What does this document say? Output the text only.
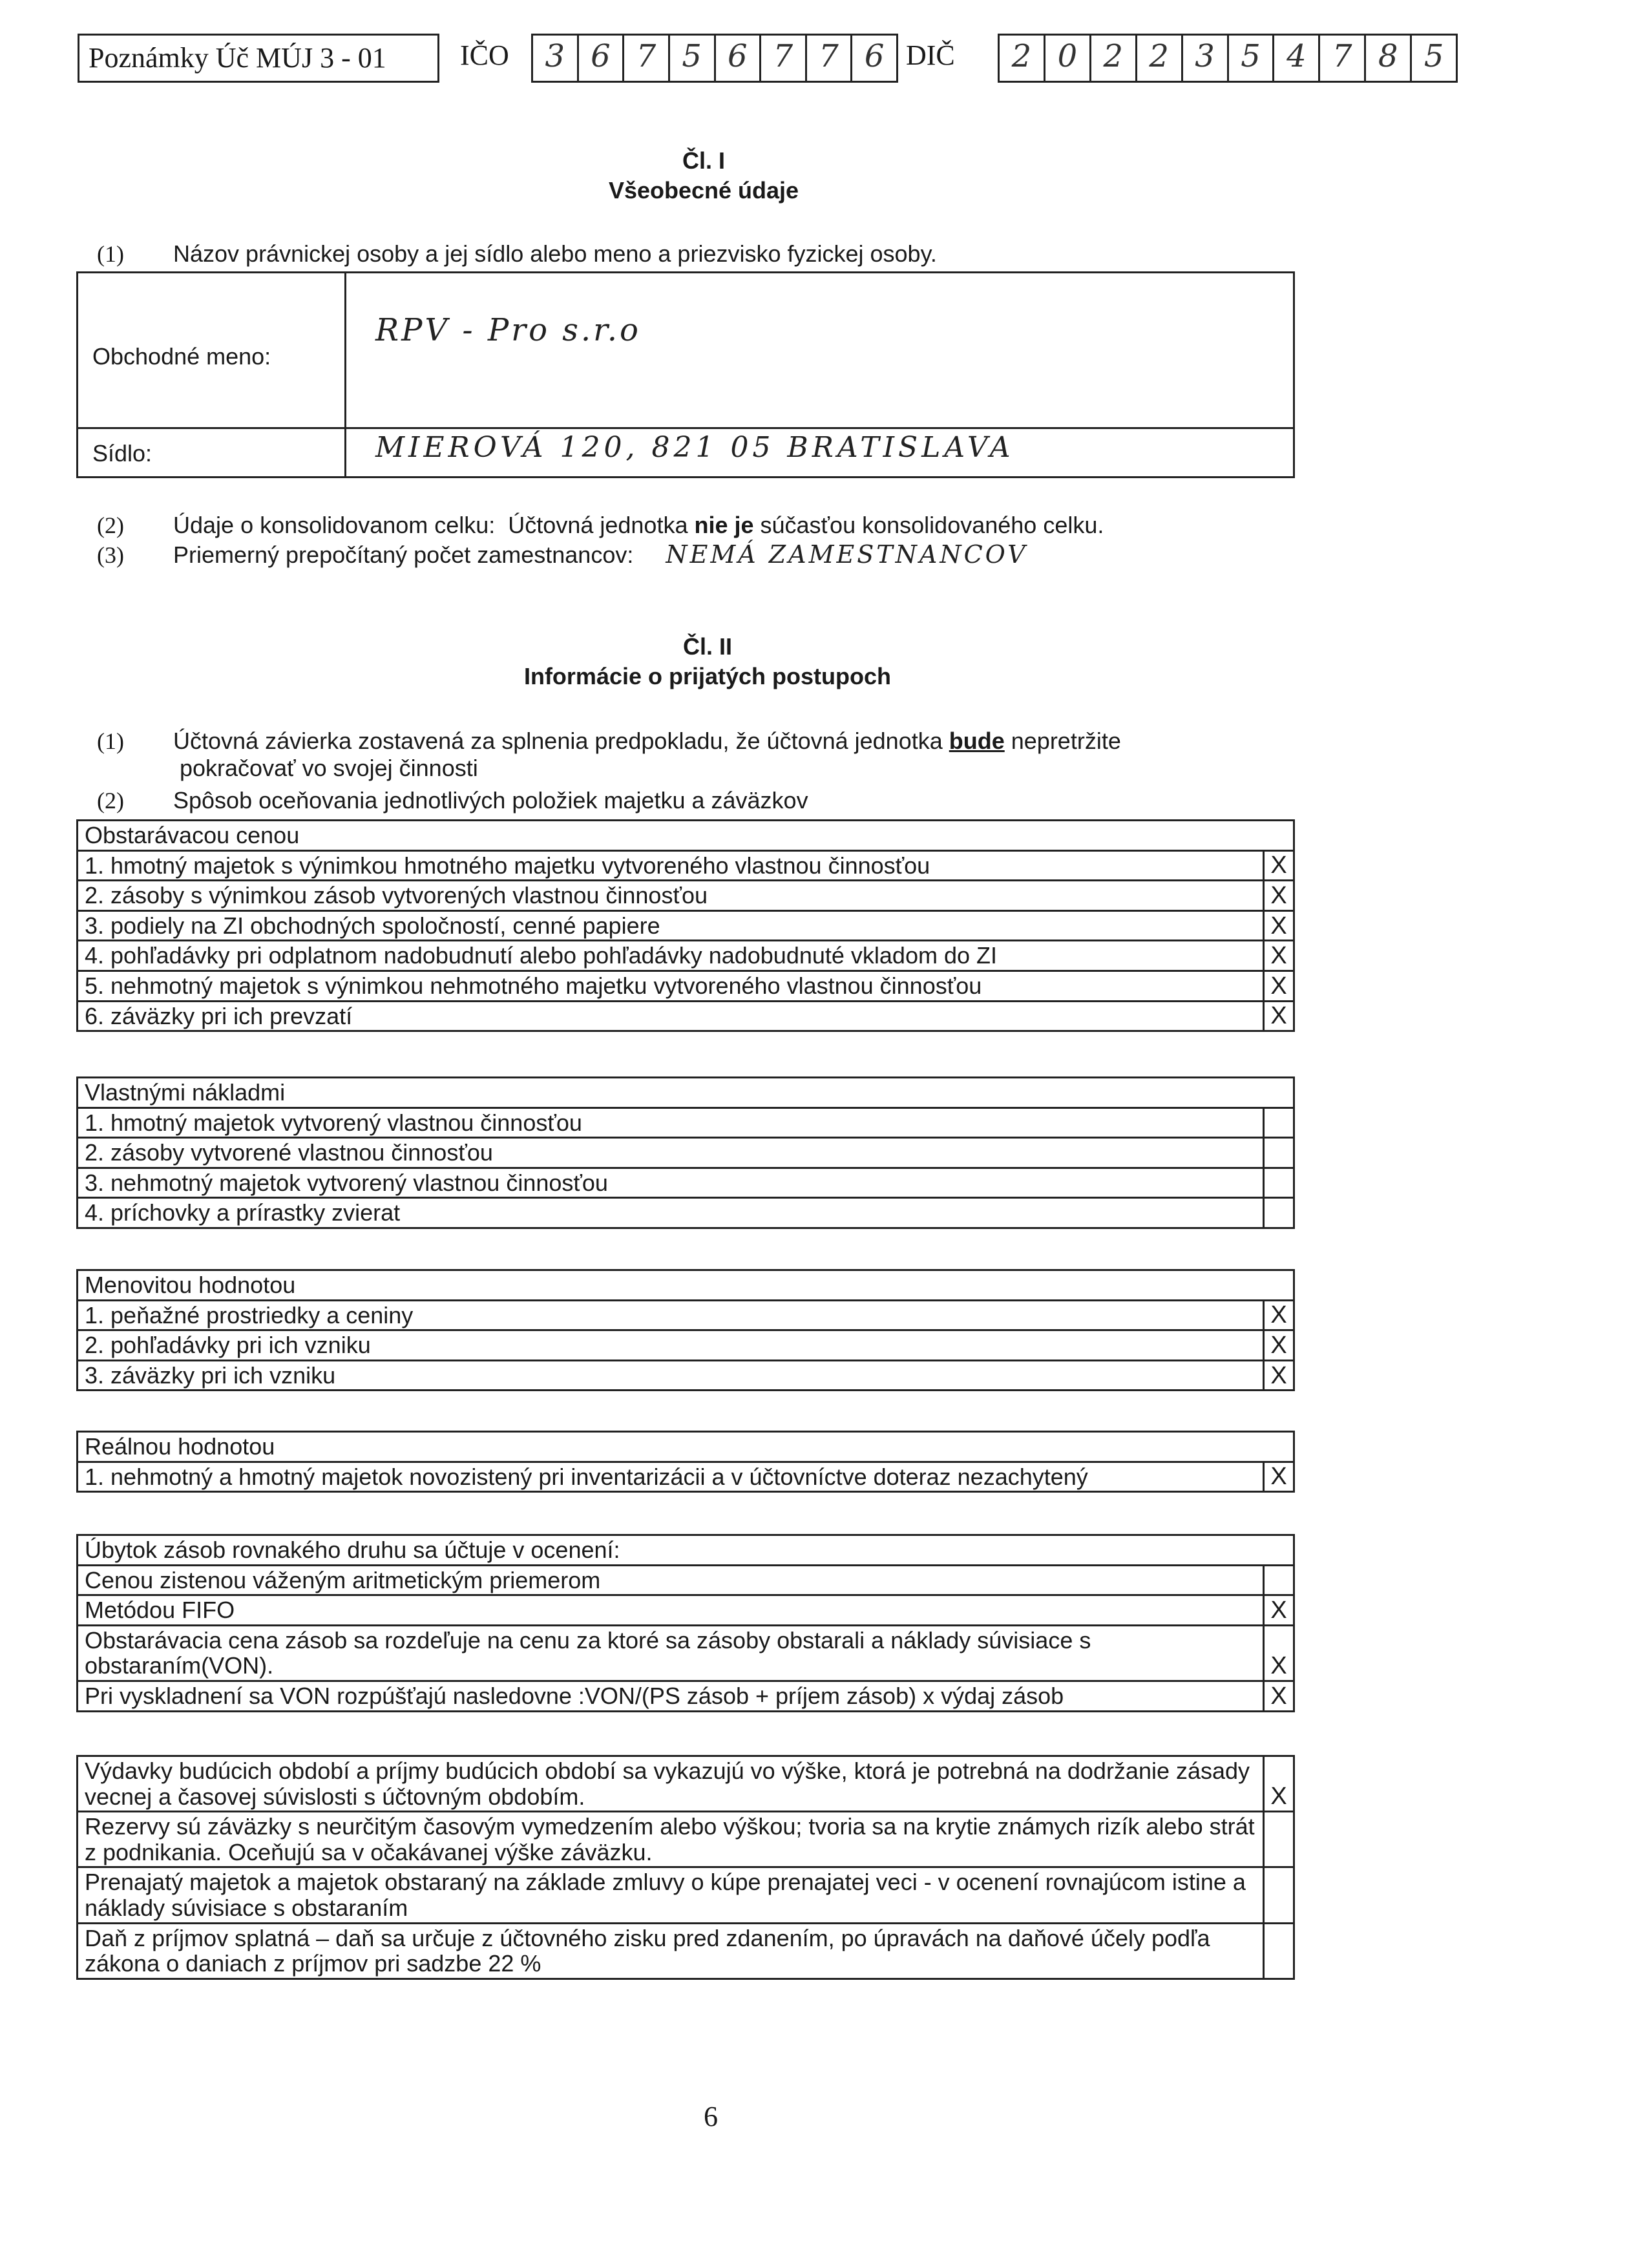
Poznámky Úč MÚJ 3 - 01	IČO	3 6 7 5 6 7 7 6 DIČ	2 0 2 2 3 5 4 7 8 5
Čl. I
Všeobecné údaje
(1) Názov právnickej osoby a jej sídlo alebo meno a priezvisko fyzickej osoby.
Obchodné meno:
RPV - Pro s.r.o
Sídlo:	MIEROVÁ 120, 821 05 BRATISLAVA
(2) Údaje o konsolidovanom celku:  Účtovná jednotka nie je súčasťou konsolidovaného celku.
(3) Priemerný prepočítaný počet zamestnancov: NEMÁ ZAMESTNANCOV
Čl. II
Informácie o prijatých postupoch
(1) Účtovná závierka zostavená za splnenia predpokladu, že účtovná jednotka bude nepretržite
pokračovať vo svojej činnosti
(2) Spôsob oceňovania jednotlivých položiek majetku a záväzkov
Obstarávacou cenou	
1. hmotný majetok s výnimkou hmotného majetku vytvoreného vlastnou činnosťou	X
2. zásoby s výnimkou zásob vytvorených vlastnou činnosťou	X
3. podiely na ZI obchodných spoločností, cenné papiere	X
4. pohľadávky pri odplatnom nadobudnutí alebo pohľadávky nadobudnuté vkladom do ZI	X
5. nehmotný majetok s výnimkou nehmotného majetku vytvoreného vlastnou činnosťou	X
6. záväzky pri ich prevzatí	X
Vlastnými nákladmi	
1. hmotný majetok vytvorený vlastnou činnosťou	
2. zásoby vytvorené vlastnou činnosťou	
3. nehmotný majetok vytvorený vlastnou činnosťou	
4. príchovky a prírastky zvierat	
Menovitou hodnotou	
1. peňažné prostriedky a ceniny	X
2. pohľadávky pri ich vzniku	X
3. záväzky pri ich vzniku	X
Reálnou hodnotou	
1. nehmotný a hmotný majetok novozistený pri inventarizácii a v účtovníctve doteraz nezachytený	X
Úbytok zásob rovnakého druhu sa účtuje v ocenení:	
Cenou zistenou váženým aritmetickým priemerom	
Metódou FIFO	X
Obstarávacia cena zásob sa rozdeľuje na cenu za ktoré sa zásoby obstarali a náklady súvisiace s obstaraním(VON).	X
Pri vyskladnení sa VON rozpúšťajú nasledovne :VON/(PS zásob + príjem zásob) x výdaj zásob	X
Výdavky budúcich období a príjmy budúcich období sa vykazujú vo výške, ktorá je potrebná na dodržanie zásady vecnej a časovej súvislosti s účtovným obdobím.	X
Rezervy sú záväzky s neurčitým časovým vymedzením alebo výškou; tvoria sa na krytie známych rizík alebo strát z podnikania. Oceňujú sa v očakávanej výške záväzku.	
Prenajatý majetok a majetok obstaraný na základe zmluvy o kúpe prenajatej veci - v ocenení rovnajúcom istine a náklady súvisiace s obstaraním	
Daň z príjmov splatná – daň sa určuje z účtovného zisku pred zdanením, po úpravách na daňové účely podľa zákona o daniach z príjmov pri sadzbe 22 %	
6
